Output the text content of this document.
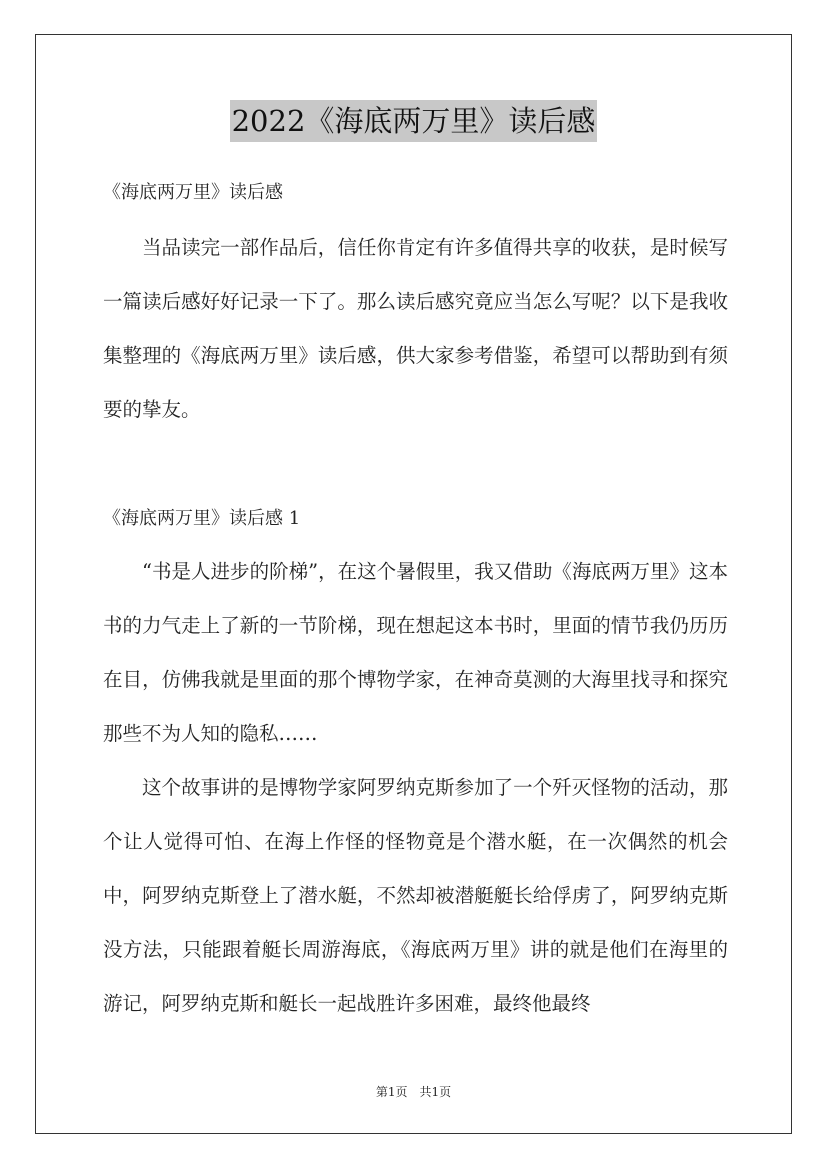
2022《海底两万里》读后感

《海底两万里》读后感

当品读完一部作品后，信任你肯定有许多值得共享的收获，是时候写一篇读后感好好记录一下了。那么读后感究竟应当怎么写呢？以下是我收集整理的《海底两万里》读后感，供大家参考借鉴，希望可以帮助到有须要的挚友。

《海底两万里》读后感 1

“书是人进步的阶梯”，在这个暑假里，我又借助《海底两万里》这本书的力气走上了新的一节阶梯，现在想起这本书时，里面的情节我仍历历在目，仿佛我就是里面的那个博物学家，在神奇莫测的大海里找寻和探究那些不为人知的隐私……

这个故事讲的是博物学家阿罗纳克斯参加了一个歼灭怪物的活动，那个让人觉得可怕、在海上作怪的怪物竟是个潜水艇，在一次偶然的机会中，阿罗纳克斯登上了潜水艇，不然却被潜艇艇长给俘虏了，阿罗纳克斯没方法，只能跟着艇长周游海底，《海底两万里》讲的就是他们在海里的游记，阿罗纳克斯和艇长一起战胜许多困难，最终他最终

第1页　共1页
